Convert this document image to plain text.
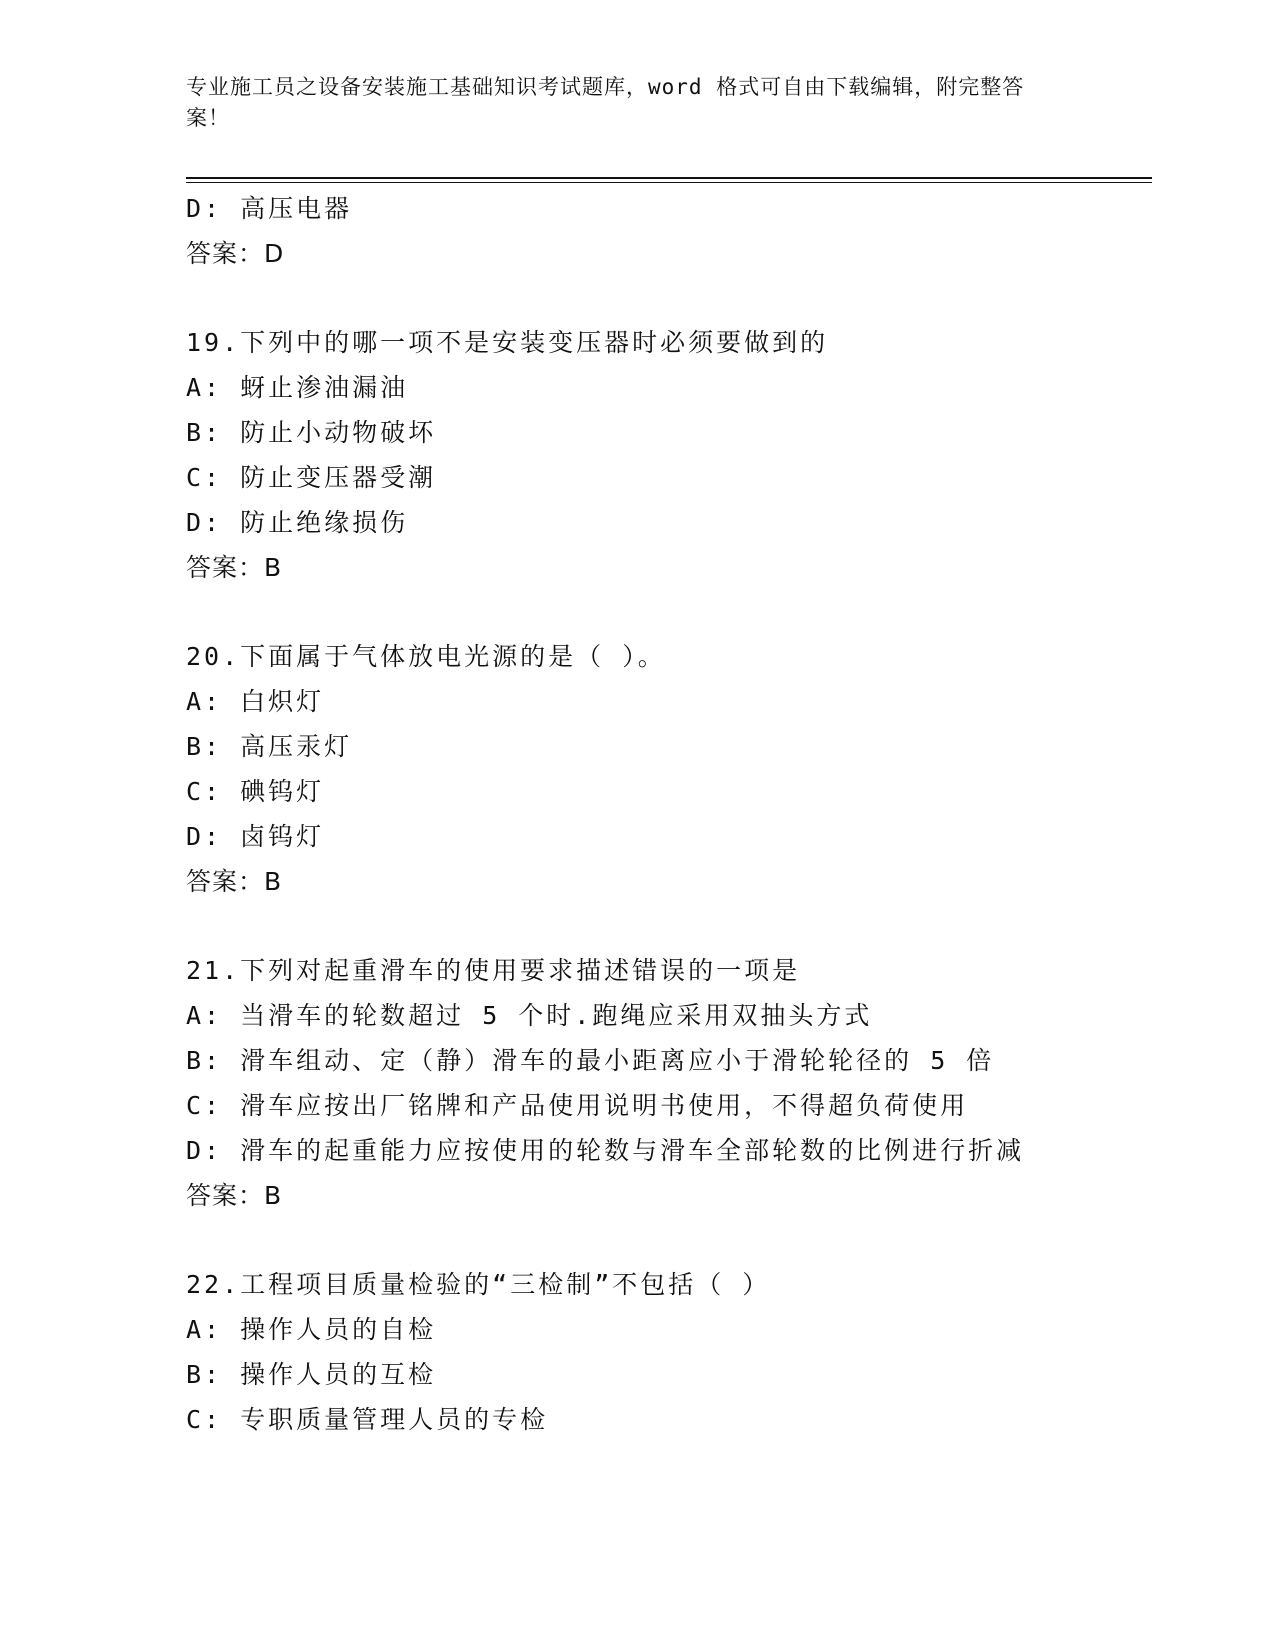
专业施工员之设备安装施工基础知识考试题库，word 格式可自由下载编辑，附完整答案！
D: 高压电器
答案：D
19.下列中的哪一项不是安装变压器时必须要做到的
A: 蚜止渗油漏油
B: 防止小动物破坏
C: 防止变压器受潮
D: 防止绝缘损伤
答案：B
20.下面属于气体放电光源的是（ ）。
A: 白炽灯
B: 高压汞灯
C: 碘钨灯
D: 卤钨灯
答案：B
21.下列对起重滑车的使用要求描述错误的一项是
A: 当滑车的轮数超过 5 个时.跑绳应采用双抽头方式
B: 滑车组动、定（静）滑车的最小距离应小于滑轮轮径的 5 倍
C: 滑车应按出厂铭牌和产品使用说明书使用，不得超负荷使用
D: 滑车的起重能力应按使用的轮数与滑车全部轮数的比例进行折减
答案：B
22.工程项目质量检验的“三检制”不包括（ ）
A: 操作人员的自检
B: 操作人员的互检
C: 专职质量管理人员的专检
